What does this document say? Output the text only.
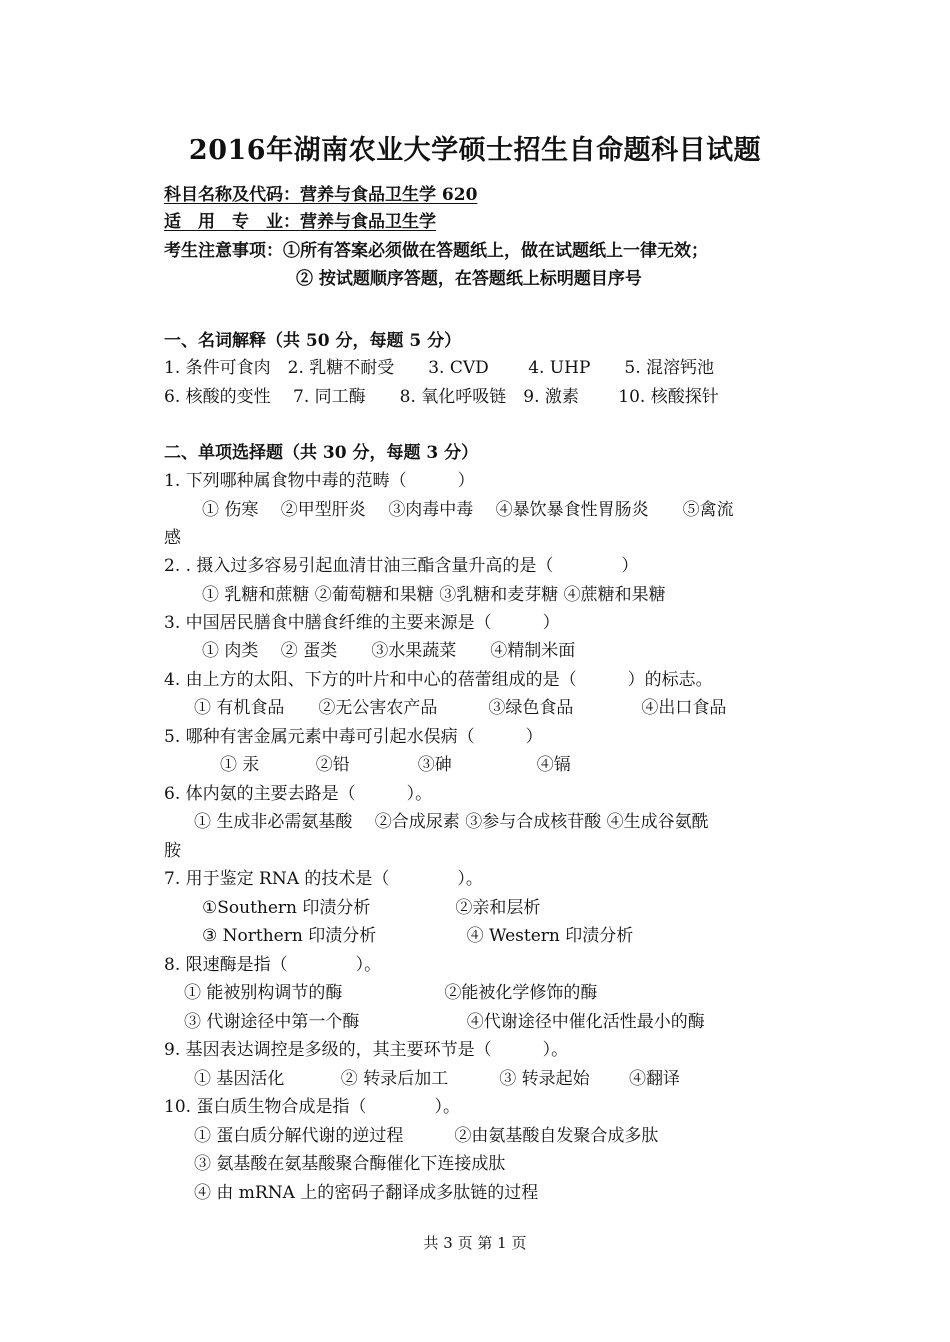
2016年湖南农业大学硕士招生自命题科目试题
科目名称及代码：营养与食品卫生学 620
适　用　专　业：营养与食品卫生学
考生注意事项：①所有答案必须做在答题纸上，做在试题纸上一律无效；
② 按试题顺序答题，在答题纸上标明题目序号
一、名词解释（共 50 分，每题 5 分）
1. 条件可食肉　2. 乳糖不耐受　　3. CVD　　 4. UHP　　5. 混溶钙池
6. 核酸的变性　 7. 同工酶　　8. 氧化呼吸链　9. 激素　　 10. 核酸探针
二、单项选择题（共 30 分，每题 3 分）
1. 下列哪种属食物中毒的范畴（　　　）
① 伤寒　 ②甲型肝炎　 ③肉毒中毒　 ④暴饮暴食性胃肠炎　　⑤禽流
感
2. . 摄入过多容易引起血清甘油三酯含量升高的是（　　　　）
① 乳糖和蔗糖 ②葡萄糖和果糖 ③乳糖和麦芽糖 ④蔗糖和果糖
3. 中国居民膳食中膳食纤维的主要来源是（　　　）
① 肉类　 ② 蛋类　　③水果蔬菜　　④精制米面
4. 由上方的太阳、下方的叶片和中心的蓓蕾组成的是（　　　）的标志。
① 有机食品　　②无公害农产品　　　③绿色食品　　　　④出口食品
5. 哪种有害金属元素中毒可引起水俣病（　　　）
① 汞　　　 ②铅　　　　③砷　　　　　④镉
6. 体内氨的主要去路是（　　　）。
① 生成非必需氨基酸　 ②合成尿素 ③参与合成核苷酸 ④生成谷氨酰
胺
7. 用于鉴定 RNA 的技术是（　　　　）。
①Southern 印渍分析　　　　　②亲和层析
③ Northern 印渍分析　　　　　 ④ Western 印渍分析
8. 限速酶是指（　　　　）。
① 能被别构调节的酶　　　　　　②能被化学修饰的酶
③ 代谢途径中第一个酶　　　　　　 ④代谢途径中催化活性最小的酶
9. 基因表达调控是多级的，其主要环节是（　　　）。
① 基因活化　　　 ② 转录后加工　　　③ 转录起始　　 ④翻译
10. 蛋白质生物合成是指（　　　　）。
① 蛋白质分解代谢的逆过程　　　②由氨基酸自发聚合成多肽
③ 氨基酸在氨基酸聚合酶催化下连接成肽
④ 由 mRNA 上的密码子翻译成多肽链的过程
共 3 页 第 1 页
